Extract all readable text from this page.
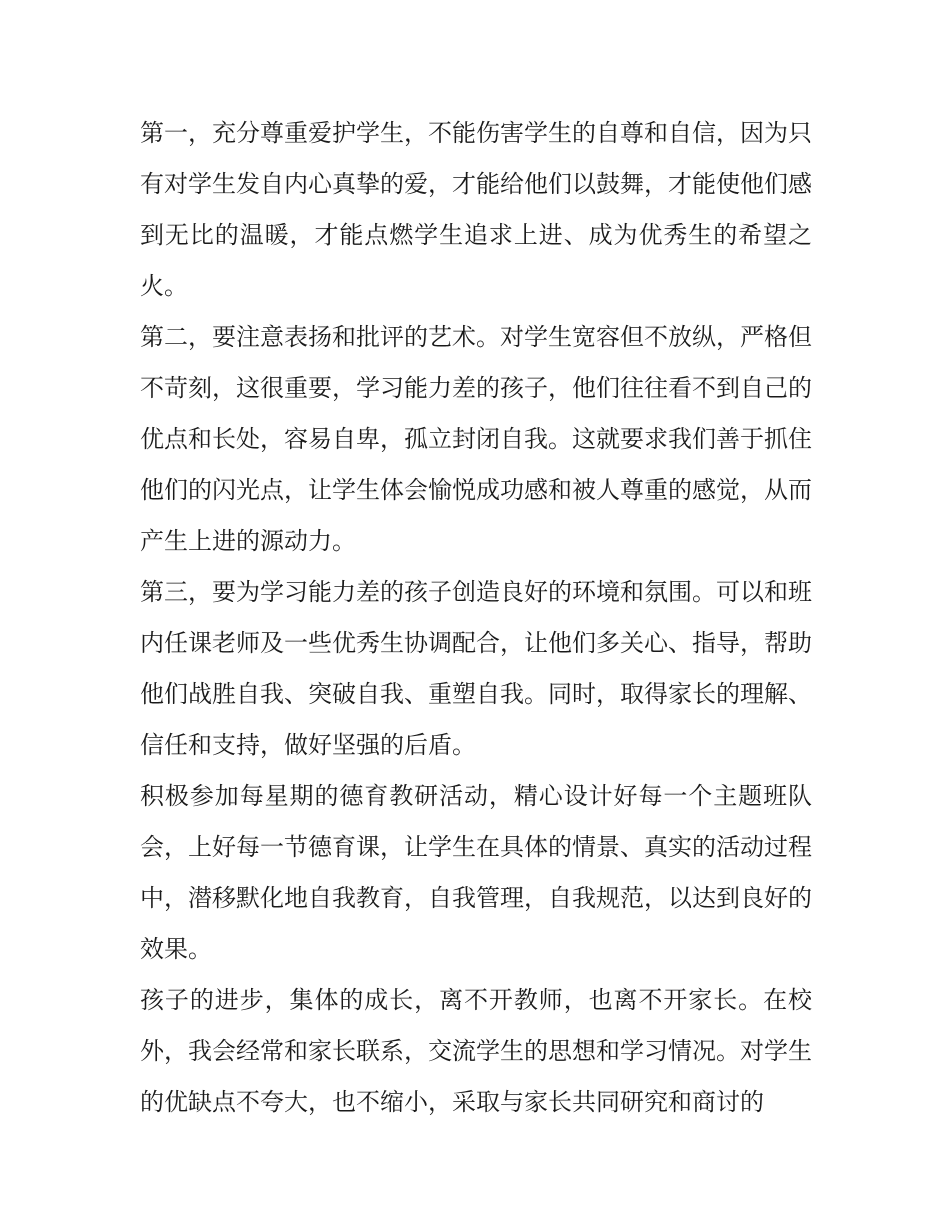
第一，充分尊重爱护学生，不能伤害学生的自尊和自信，因为只有对学生发自内心真挚的爱，才能给他们以鼓舞，才能使他们感到无比的温暖，才能点燃学生追求上进、成为优秀生的希望之火。

第二，要注意表扬和批评的艺术。对学生宽容但不放纵，严格但不苛刻，这很重要，学习能力差的孩子，他们往往看不到自己的优点和长处，容易自卑，孤立封闭自我。这就要求我们善于抓住他们的闪光点，让学生体会愉悦成功感和被人尊重的感觉，从而产生上进的源动力。

第三，要为学习能力差的孩子创造良好的环境和氛围。可以和班内任课老师及一些优秀生协调配合，让他们多关心、指导，帮助他们战胜自我、突破自我、重塑自我。同时，取得家长的理解、信任和支持，做好坚强的后盾。

积极参加每星期的德育教研活动，精心设计好每一个主题班队会，上好每一节德育课，让学生在具体的情景、真实的活动过程中，潜移默化地自我教育，自我管理，自我规范，以达到良好的效果。

孩子的进步，集体的成长，离不开教师，也离不开家长。在校外，我会经常和家长联系，交流学生的思想和学习情况。对学生的优缺点不夸大，也不缩小，采取与家长共同研究和商讨的
